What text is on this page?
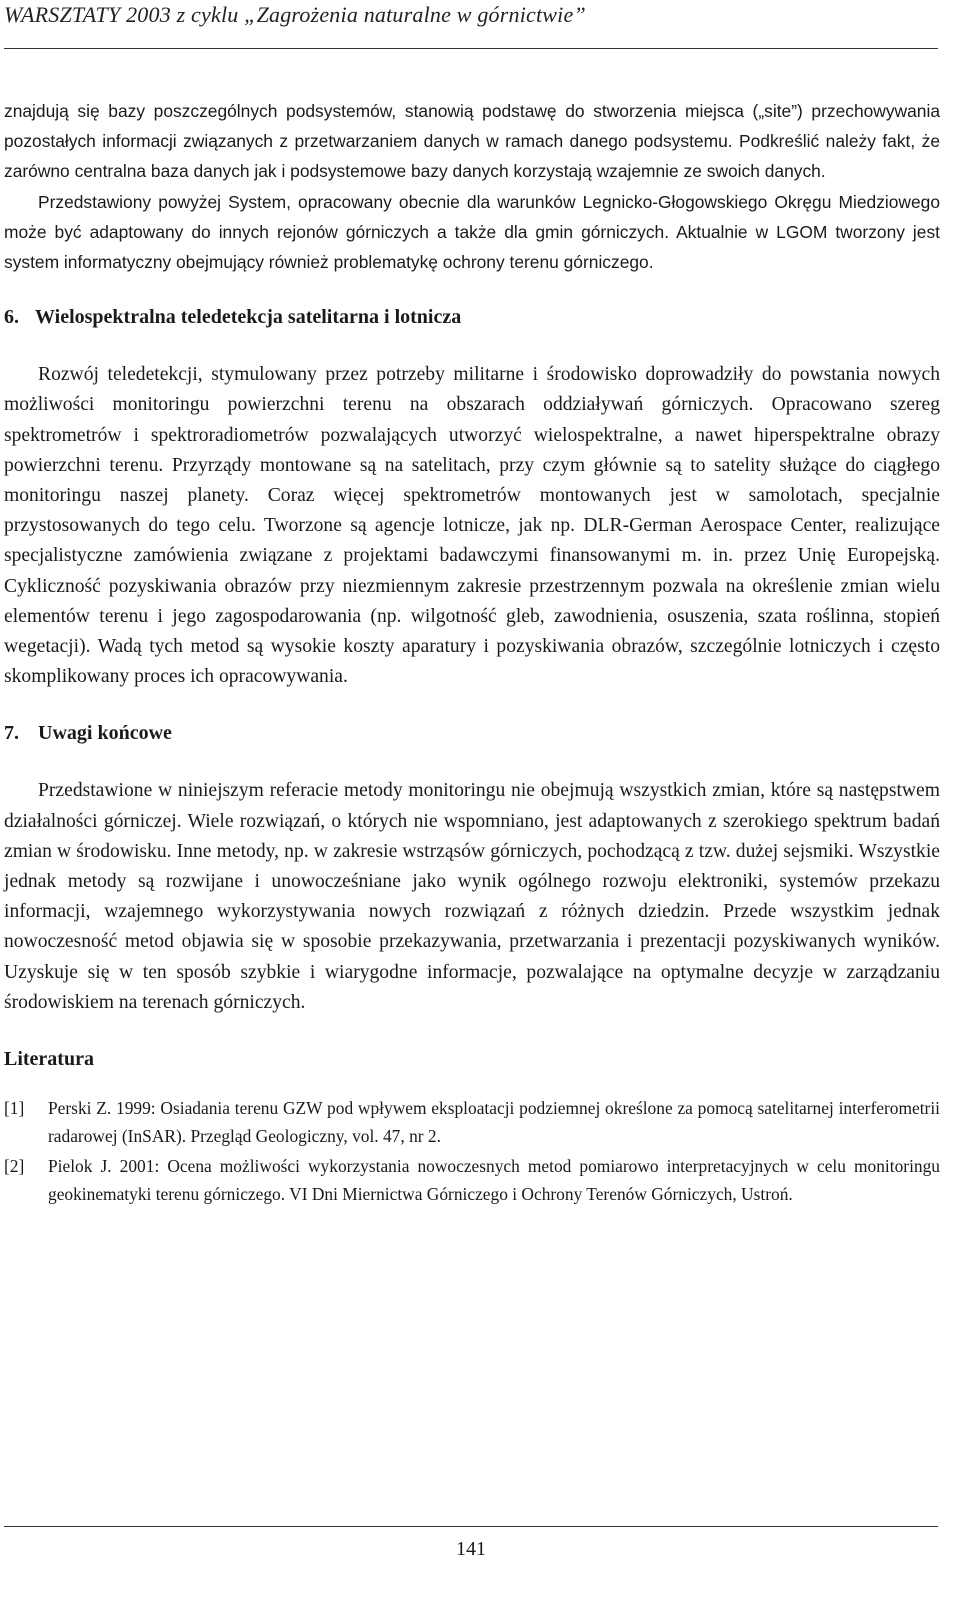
WARSZTATY 2003 z cyklu „Zagrożenia naturalne w górnictwie”

znajdują się bazy poszczególnych podsystemów, stanowią podstawę do stworzenia miejsca („site”) przechowywania pozostałych informacji związanych z przetwarzaniem danych w ramach danego podsystemu. Podkreślić należy fakt, że zarówno centralna baza danych jak i podsystemowe bazy danych korzystają wzajemnie ze swoich danych.

Przedstawiony powyżej System, opracowany obecnie dla warunków Legnicko-Głogowskiego Okręgu Miedziowego może być adaptowany do innych rejonów górniczych a także dla gmin górniczych. Aktualnie w LGOM tworzony jest system informatyczny obejmujący również problematykę ochrony terenu górniczego.

6. Wielospektralna teledetekcja satelitarna i lotnicza

Rozwój teledetekcji, stymulowany przez potrzeby militarne i środowisko doprowadziły do powstania nowych możliwości monitoringu powierzchni terenu na obszarach oddziaływań górniczych. Opracowano szereg spektrometrów i spektroradiometrów pozwalających utworzyć wielospektralne, a nawet hiperspektralne obrazy powierzchni terenu. Przyrządy montowane są na satelitach, przy czym głównie są to satelity służące do ciągłego monitoringu naszej planety. Coraz więcej spektrometrów montowanych jest w samolotach, specjalnie przystosowanych do tego celu. Tworzone są agencje lotnicze, jak np. DLR-German Aerospace Center, realizujące specjalistyczne zamówienia związane z projektami badawczymi finansowanymi m. in. przez Unię Europejską. Cykliczność pozyskiwania obrazów przy niezmiennym zakresie przestrzennym pozwala na określenie zmian wielu elementów terenu i jego zagospodarowania (np. wilgotność gleb, zawodnienia, osuszenia, szata roślinna, stopień wegetacji). Wadą tych metod są wysokie koszty aparatury i pozyskiwania obrazów, szczególnie lotniczych i często skomplikowany proces ich opracowywania.

7. Uwagi końcowe

Przedstawione w niniejszym referacie metody monitoringu nie obejmują wszystkich zmian, które są następstwem działalności górniczej. Wiele rozwiązań, o których nie wspomniano, jest adaptowanych z szerokiego spektrum badań zmian w środowisku. Inne metody, np. w zakresie wstrząsów górniczych, pochodzącą z tzw. dużej sejsmiki. Wszystkie jednak metody są rozwijane i unowocześniane jako wynik ogólnego rozwoju elektroniki, systemów przekazu informacji, wzajemnego wykorzystywania nowych rozwiązań z różnych dziedzin. Przede wszystkim jednak nowoczesność metod objawia się w sposobie przekazywania, przetwarzania i prezentacji pozyskiwanych wyników. Uzyskuje się w ten sposób szybkie i wiarygodne informacje, pozwalające na optymalne decyzje w zarządzaniu środowiskiem na terenach górniczych.

Literatura
[1] Perski Z. 1999: Osiadania terenu GZW pod wpływem eksploatacji podziemnej określone za pomocą satelitarnej interferometrii radarowej (InSAR). Przegląd Geologiczny, vol. 47, nr 2.
[2] Pielok J. 2001: Ocena możliwości wykorzystania nowoczesnych metod pomiarowo interpretacyjnych w celu monitoringu geokinematyki terenu górniczego. VI Dni Miernictwa Górniczego i Ochrony Terenów Górniczych, Ustroń.
141
